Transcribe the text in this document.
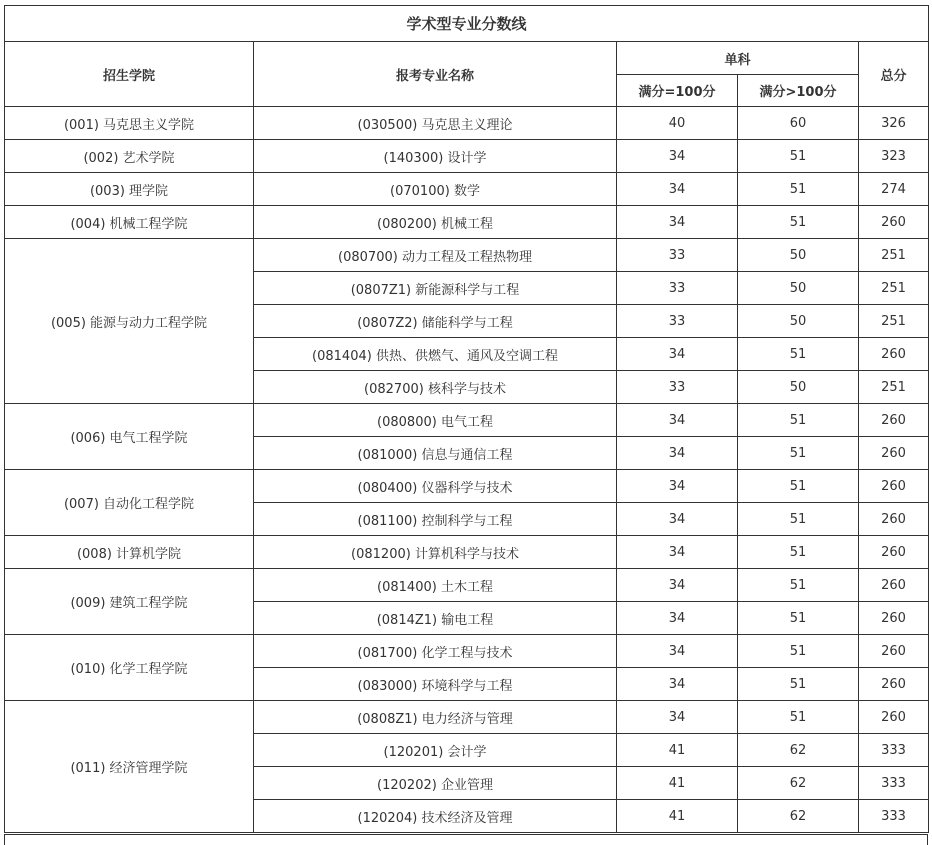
学术型专业分数线				
招生学院	报考专业名称	单科		总分
		满分=100分	满分>100分	
(001) 马克思主义学院	(030500) 马克思主义理论	40	60	326
(002) 艺术学院	(140300) 设计学	34	51	323
(003) 理学院	(070100) 数学	34	51	274
(004) 机械工程学院	(080200) 机械工程	34	51	260
(005) 能源与动力工程学院	(080700) 动力工程及工程热物理	33	50	251
	(0807Z1) 新能源科学与工程	33	50	251
	(0807Z2) 储能科学与工程	33	50	251
	(081404) 供热、供燃气、通风及空调工程	34	51	260
	(082700) 核科学与技术	33	50	251
(006) 电气工程学院	(080800) 电气工程	34	51	260
	(081000) 信息与通信工程	34	51	260
(007) 自动化工程学院	(080400) 仪器科学与技术	34	51	260
	(081100) 控制科学与工程	34	51	260
(008) 计算机学院	(081200) 计算机科学与技术	34	51	260
(009) 建筑工程学院	(081400) 土木工程	34	51	260
	(0814Z1) 输电工程	34	51	260
(010) 化学工程学院	(081700) 化学工程与技术	34	51	260
	(083000) 环境科学与工程	34	51	260
(011) 经济管理学院	(0808Z1) 电力经济与管理	34	51	260
	(120201) 会计学	41	62	333
	(120202) 企业管理	41	62	333
	(120204) 技术经济及管理	41	62	333
